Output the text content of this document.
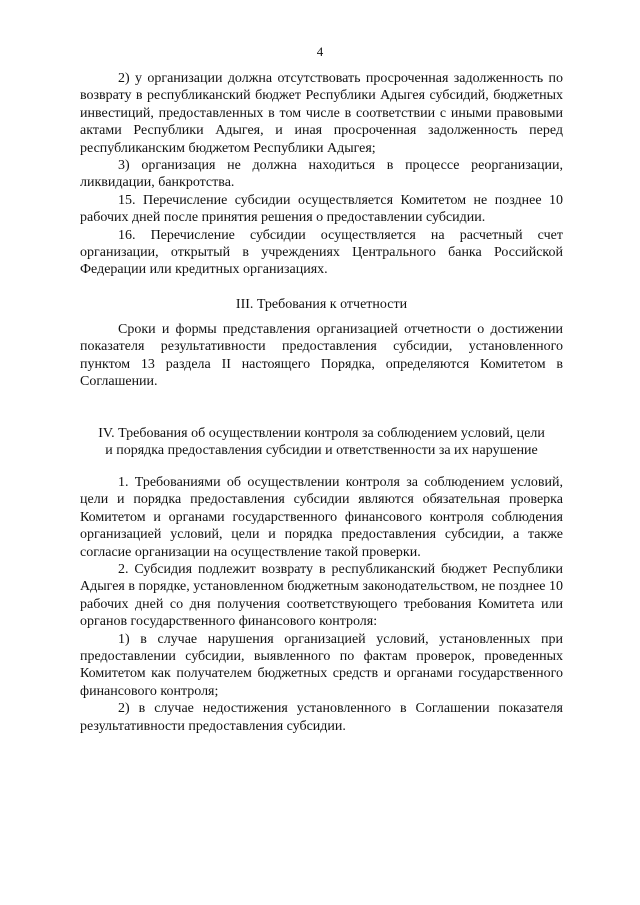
4

2) у организации должна отсутствовать просроченная задолженность по возврату в республиканский бюджет Республики Адыгея субсидий, бюджетных инвестиций, предоставленных в том числе в соответствии с иными правовыми актами Республики Адыгея, и иная просроченная задолженность перед республиканским бюджетом Республики Адыгея;

3) организация не должна находиться в процессе реорганизации, ликвидации, банкротства.

15. Перечисление субсидии осуществляется Комитетом не позднее 10 рабочих дней после принятия решения о предоставлении субсидии.

16. Перечисление субсидии осуществляется на расчетный счет организации, открытый в учреждениях Центрального банка Российской Федерации или кредитных организациях.

III. Требования к отчетности

Сроки и формы представления организацией отчетности о достижении показателя результативности предоставления субсидии, установленного пунктом 13 раздела II настоящего Порядка, определяются Комитетом в Соглашении.

IV. Требования об осуществлении контроля за соблюдением условий, цели
и порядка предоставления субсидии и ответственности за их нарушение

1. Требованиями об осуществлении контроля за соблюдением условий, цели и порядка предоставления субсидии являются обязательная проверка Комитетом и органами государственного финансового контроля соблюдения организацией условий, цели и порядка предоставления субсидии, а также согласие организации на осуществление такой проверки.

2. Субсидия подлежит возврату в республиканский бюджет Республики Адыгея в порядке, установленном бюджетным законодательством, не позднее 10 рабочих дней со дня получения соответствующего требования Комитета или органов государственного финансового контроля:

1) в случае нарушения организацией условий, установленных при предоставлении субсидии, выявленного по фактам проверок, проведенных Комитетом как получателем бюджетных средств и органами государственного финансового контроля;

2) в случае недостижения установленного в Соглашении показателя результативности предоставления субсидии.
